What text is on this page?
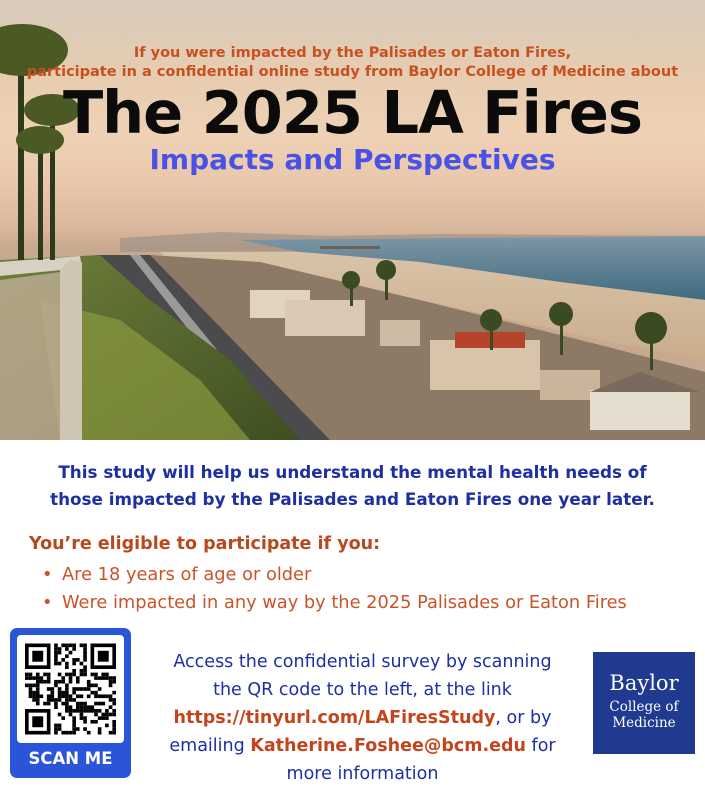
If you were impacted by the Palisades or Eaton Fires,
participate in a confidential online study from Baylor College of Medicine about
The 2025 LA Fires
Impacts and Perspectives
This study will help us understand the mental health needs of
those impacted by the Palisades and Eaton Fires one year later.
You’re eligible to participate if you:
• Are 18 years of age or older
• Were impacted in any way by the 2025 Palisades or Eaton Fires
SCAN ME
Access the confidential survey by scanning
the QR code to the left, at the link
https://tinyurl.com/LAFiresStudy, or by
emailing Katherine.Foshee@bcm.edu for
more information
Baylor
College of
Medicine
